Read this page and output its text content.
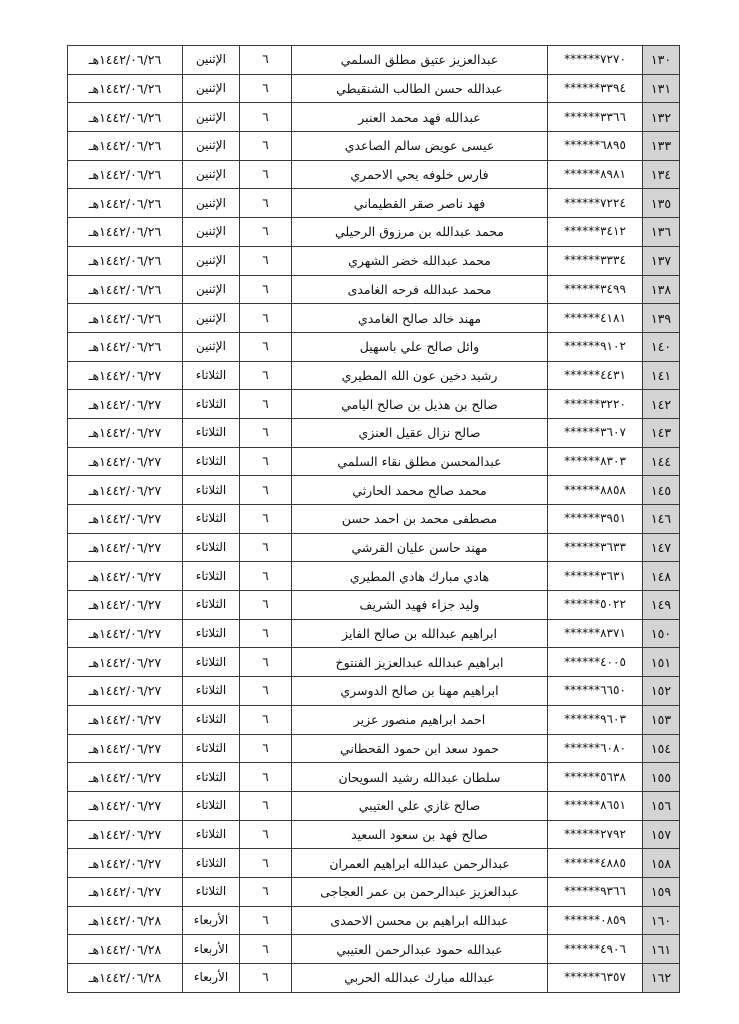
١٣٠	******٧٢٧٠	عبدالعزيز عتيق مطلق السلمي	٦	الإثنين	١٤٤٢/٠٦/٢٦هـ
١٣١	******٣٣٩٤	عبدالله حسن الطالب الشنقيطي	٦	الإثنين	١٤٤٢/٠٦/٢٦هـ
١٣٢	******٣٣٦٦	عبدالله فهد محمد العنبر	٦	الإثنين	١٤٤٢/٠٦/٢٦هـ
١٣٣	******٦٨٩٥	عيسى عويض سالم الصاعدي	٦	الإثنين	١٤٤٢/٠٦/٢٦هـ
١٣٤	******٨٩٨١	فارس خلوفه يحي الاحمري	٦	الإثنين	١٤٤٢/٠٦/٢٦هـ
١٣٥	******٧٢٢٤	فهد ناصر صقر القطيماني	٦	الإثنين	١٤٤٢/٠٦/٢٦هـ
١٣٦	******٣٤١٢	محمد عبدالله بن مرزوق الرحيلي	٦	الإثنين	١٤٤٢/٠٦/٢٦هـ
١٣٧	******٣٣٣٤	محمد عبدالله خضر الشهري	٦	الإثنين	١٤٤٢/٠٦/٢٦هـ
١٣٨	******٣٤٩٩	محمد عبدالله فرحه الغامدى	٦	الإثنين	١٤٤٢/٠٦/٢٦هـ
١٣٩	******٤١٨١	مهند خالد صالح الغامدي	٦	الإثنين	١٤٤٢/٠٦/٢٦هـ
١٤٠	******٩١٠٢	وائل صالح علي باسهيل	٦	الإثنين	١٤٤٢/٠٦/٢٦هـ
١٤١	******٤٤٣١	رشيد دخين عون الله المطيري	٦	الثلاثاء	١٤٤٢/٠٦/٢٧هـ
١٤٢	******٣٢٢٠	صالح بن هذيل بن صالح اليامي	٦	الثلاثاء	١٤٤٢/٠٦/٢٧هـ
١٤٣	******٣٦٠٧	صالح نزال عقيل العنزي	٦	الثلاثاء	١٤٤٢/٠٦/٢٧هـ
١٤٤	******٨٣٠٣	عبدالمحسن مطلق نقاء السلمي	٦	الثلاثاء	١٤٤٢/٠٦/٢٧هـ
١٤٥	******٨٨٥٨	محمد صالح محمد الحارثي	٦	الثلاثاء	١٤٤٢/٠٦/٢٧هـ
١٤٦	******٣٩٥١	مصطفى محمد بن احمد حسن	٦	الثلاثاء	١٤٤٢/٠٦/٢٧هـ
١٤٧	******٣٦٣٣	مهند حاسن عليان القرشي	٦	الثلاثاء	١٤٤٢/٠٦/٢٧هـ
١٤٨	******٣٦٣١	هادي مبارك هادي المطيري	٦	الثلاثاء	١٤٤٢/٠٦/٢٧هـ
١٤٩	******٥٠٢٢	وليد جزاء فهيد الشريف	٦	الثلاثاء	١٤٤٢/٠٦/٢٧هـ
١٥٠	******٨٣٧١	ابراهيم عبدالله بن صالح الفايز	٦	الثلاثاء	١٤٤٢/٠٦/٢٧هـ
١٥١	******٤٠٠٥	ابراهيم عبدالله عبدالعزيز الفنتوخ	٦	الثلاثاء	١٤٤٢/٠٦/٢٧هـ
١٥٢	******٦٦٥٠	ابراهيم مهنا بن صالح الدوسري	٦	الثلاثاء	١٤٤٢/٠٦/٢٧هـ
١٥٣	******٩٦٠٣	احمد ابراهيم منصور عزير	٦	الثلاثاء	١٤٤٢/٠٦/٢٧هـ
١٥٤	******٦٠٨٠	حمود سعد ابن حمود القحطاني	٦	الثلاثاء	١٤٤٢/٠٦/٢٧هـ
١٥٥	******٥٦٣٨	سلطان عبدالله رشيد السويحان	٦	الثلاثاء	١٤٤٢/٠٦/٢٧هـ
١٥٦	******٨٦٥١	صالح غازي علي العتيبي	٦	الثلاثاء	١٤٤٢/٠٦/٢٧هـ
١٥٧	******٢٧٩٢	صالح فهد بن سعود السعيد	٦	الثلاثاء	١٤٤٢/٠٦/٢٧هـ
١٥٨	******٤٨٨٥	عبدالرحمن عبدالله ابراهيم العمران	٦	الثلاثاء	١٤٤٢/٠٦/٢٧هـ
١٥٩	******٩٣٦٦	عبدالعزيز عبدالرحمن بن عمر العجاجى	٦	الثلاثاء	١٤٤٢/٠٦/٢٧هـ
١٦٠	******٠٨٥٩	عبدالله ابراهيم بن محسن الاحمدى	٦	الأربعاء	١٤٤٢/٠٦/٢٨هـ
١٦١	******٤٩٠٦	عبدالله حمود عبدالرحمن العتيبي	٦	الأربعاء	١٤٤٢/٠٦/٢٨هـ
١٦٢	******٦٣٥٧	عبدالله مبارك عبدالله الحربي	٦	الأربعاء	١٤٤٢/٠٦/٢٨هـ
